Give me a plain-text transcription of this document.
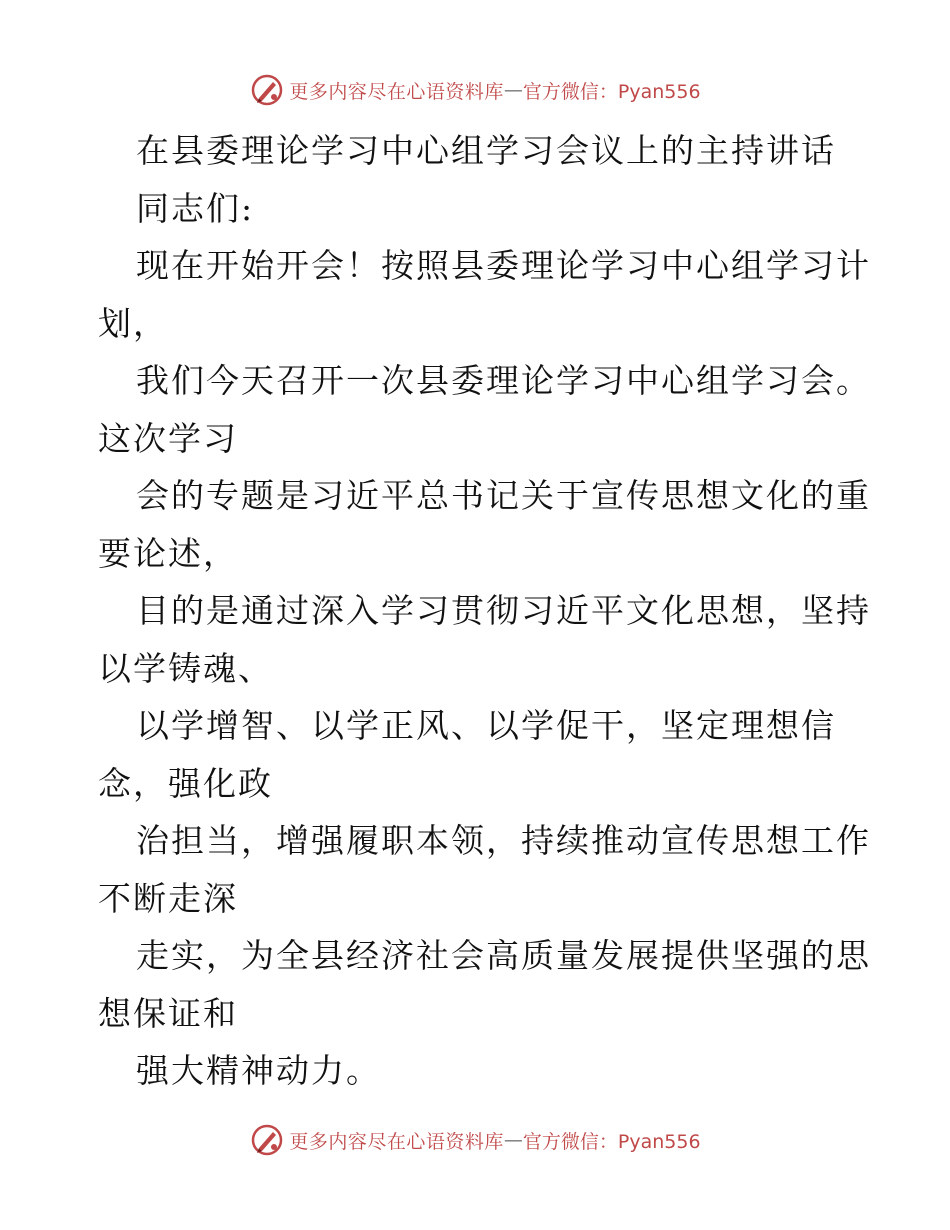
更多内容尽在心语资料库 — 官方微信：Pyan556
在县委理论学习中心组学习会议上的主持讲话
同志们:
现在开始开会！按照县委理论学习中心组学习计
划，
我们今天召开一次县委理论学习中心组学习会。
这次学习
会的专题是习近平总书记关于宣传思想文化的重
要论述，
目的是通过深入学习贯彻习近平文化思想，坚持
以学铸魂、
以学增智、以学正风、以学促干，坚定理想信
念，强化政
治担当，增强履职本领，持续推动宣传思想工作
不断走深
走实，为全县经济社会高质量发展提供坚强的思
想保证和
强大精神动力。
更多内容尽在心语资料库 — 官方微信：Pyan556
